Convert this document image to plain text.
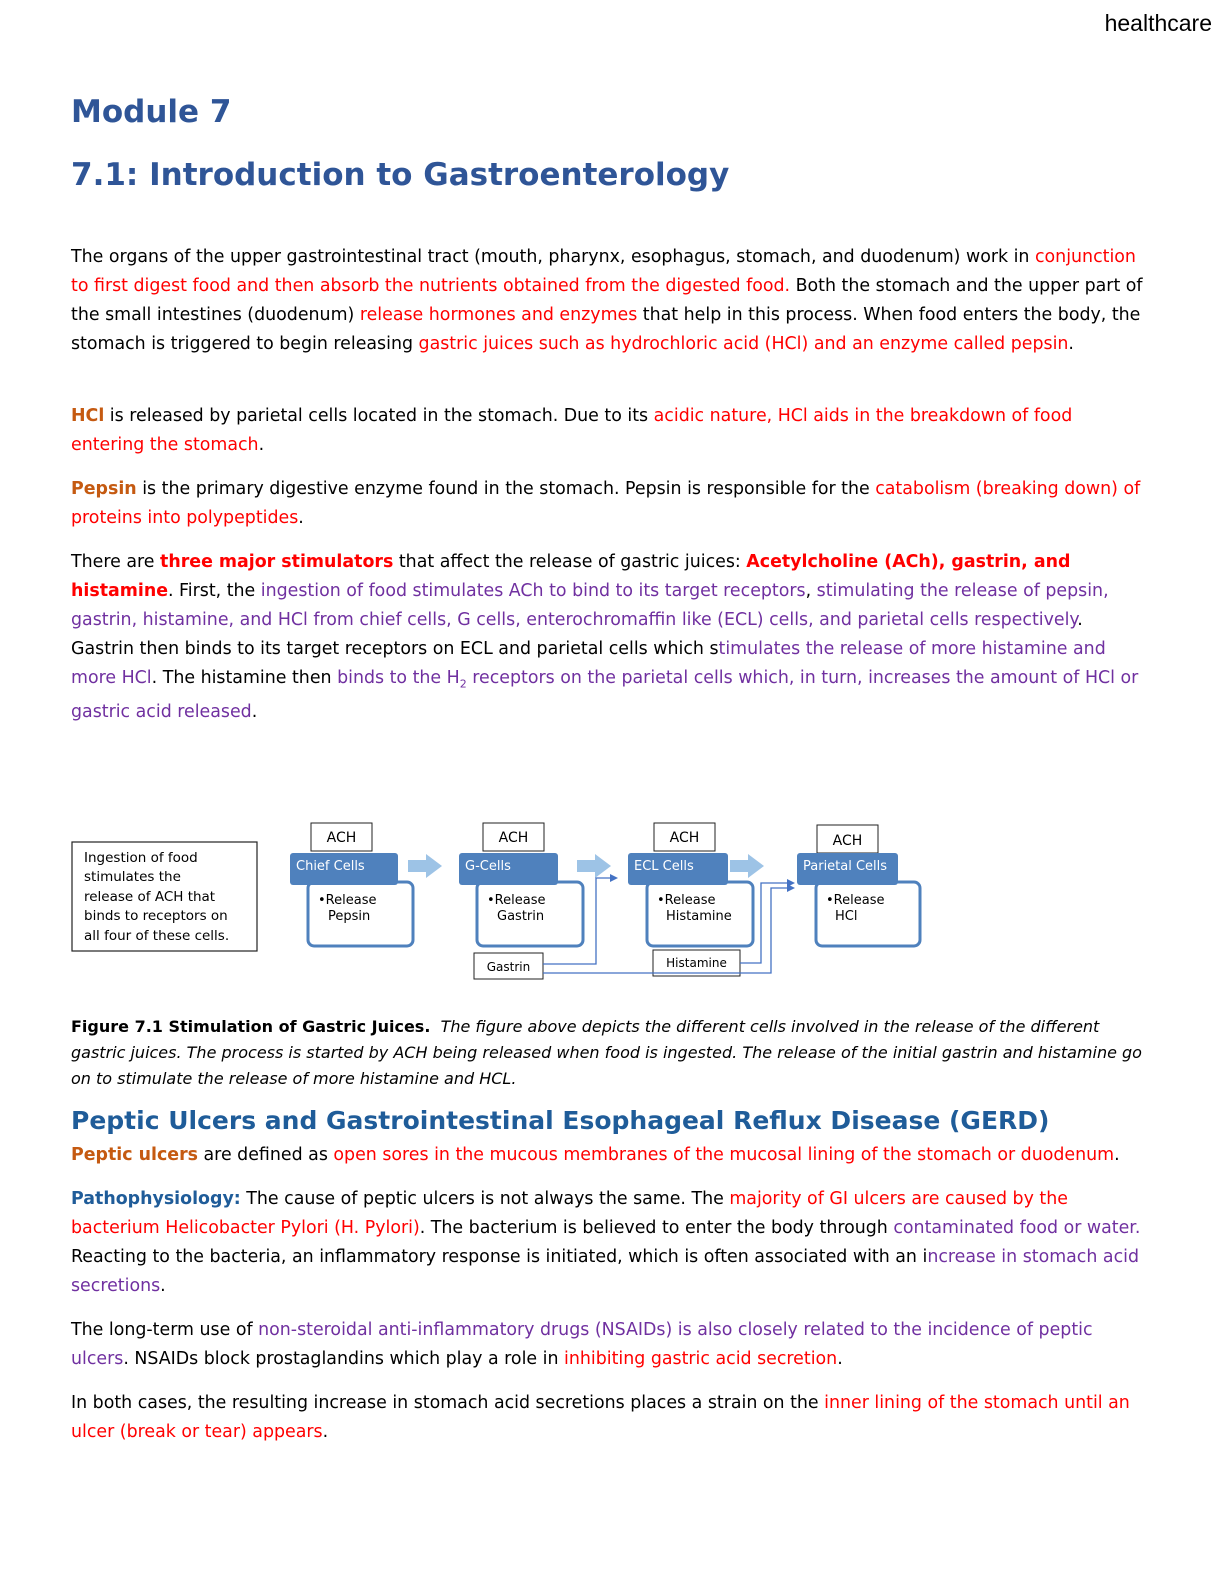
healthcare
Module 7
7.1: Introduction to Gastroenterology

The organs of the upper gastrointestinal tract (mouth, pharynx, esophagus, stomach, and duodenum) work in conjunction to first digest food and then absorb the nutrients obtained from the digested food. Both the stomach and the upper part of the small intestines (duodenum) release hormones and enzymes that help in this process. When food enters the body, the stomach is triggered to begin releasing gastric juices such as hydrochloric acid (HCl) and an enzyme called pepsin.

HCl is released by parietal cells located in the stomach. Due to its acidic nature, HCl aids in the breakdown of food entering the stomach.

Pepsin is the primary digestive enzyme found in the stomach. Pepsin is responsible for the catabolism (breaking down) of proteins into polypeptides.

There are three major stimulators that affect the release of gastric juices: Acetylcholine (ACh), gastrin, and histamine. First, the ingestion of food stimulates ACh to bind to its target receptors, stimulating the release of pepsin, gastrin, histamine, and HCl from chief cells, G cells, enterochromaffin like (ECL) cells, and parietal cells respectively. Gastrin then binds to its target receptors on ECL and parietal cells which stimulates the release of more histamine and more HCl. The histamine then binds to the $H_2$ receptors on the parietal cells which, in turn, increases the amount of HCl or gastric acid released.

Ingestion of food
stimulates the
release of ACH that
binds to receptors on
all four of these cells.
ACH
Chief Cells
•Release
Pepsin
ACH
G-Cells
•Release
Gastrin
ACH
ECL Cells
•Release
Histamine
ACH
Parietal Cells
•Release
HCl
Gastrin	Histamine

Figure 7.1 Stimulation of Gastric Juices. The figure above depicts the different cells involved in the release of the different gastric juices. The process is started by ACH being released when food is ingested. The release of the initial gastrin and histamine go on to stimulate the release of more histamine and HCL.

Peptic Ulcers and Gastrointestinal Esophageal Reflux Disease (GERD)

Peptic ulcers are defined as open sores in the mucous membranes of the mucosal lining of the stomach or duodenum.

Pathophysiology: The cause of peptic ulcers is not always the same. The majority of GI ulcers are caused by the bacterium Helicobacter Pylori (H. Pylori). The bacterium is believed to enter the body through contaminated food or water. Reacting to the bacteria, an inflammatory response is initiated, which is often associated with an increase in stomach acid secretions.

The long-term use of non-steroidal anti-inflammatory drugs (NSAIDs) is also closely related to the incidence of peptic ulcers. NSAIDs block prostaglandins which play a role in inhibiting gastric acid secretion.

In both cases, the resulting increase in stomach acid secretions places a strain on the inner lining of the stomach until an ulcer (break or tear) appears.
